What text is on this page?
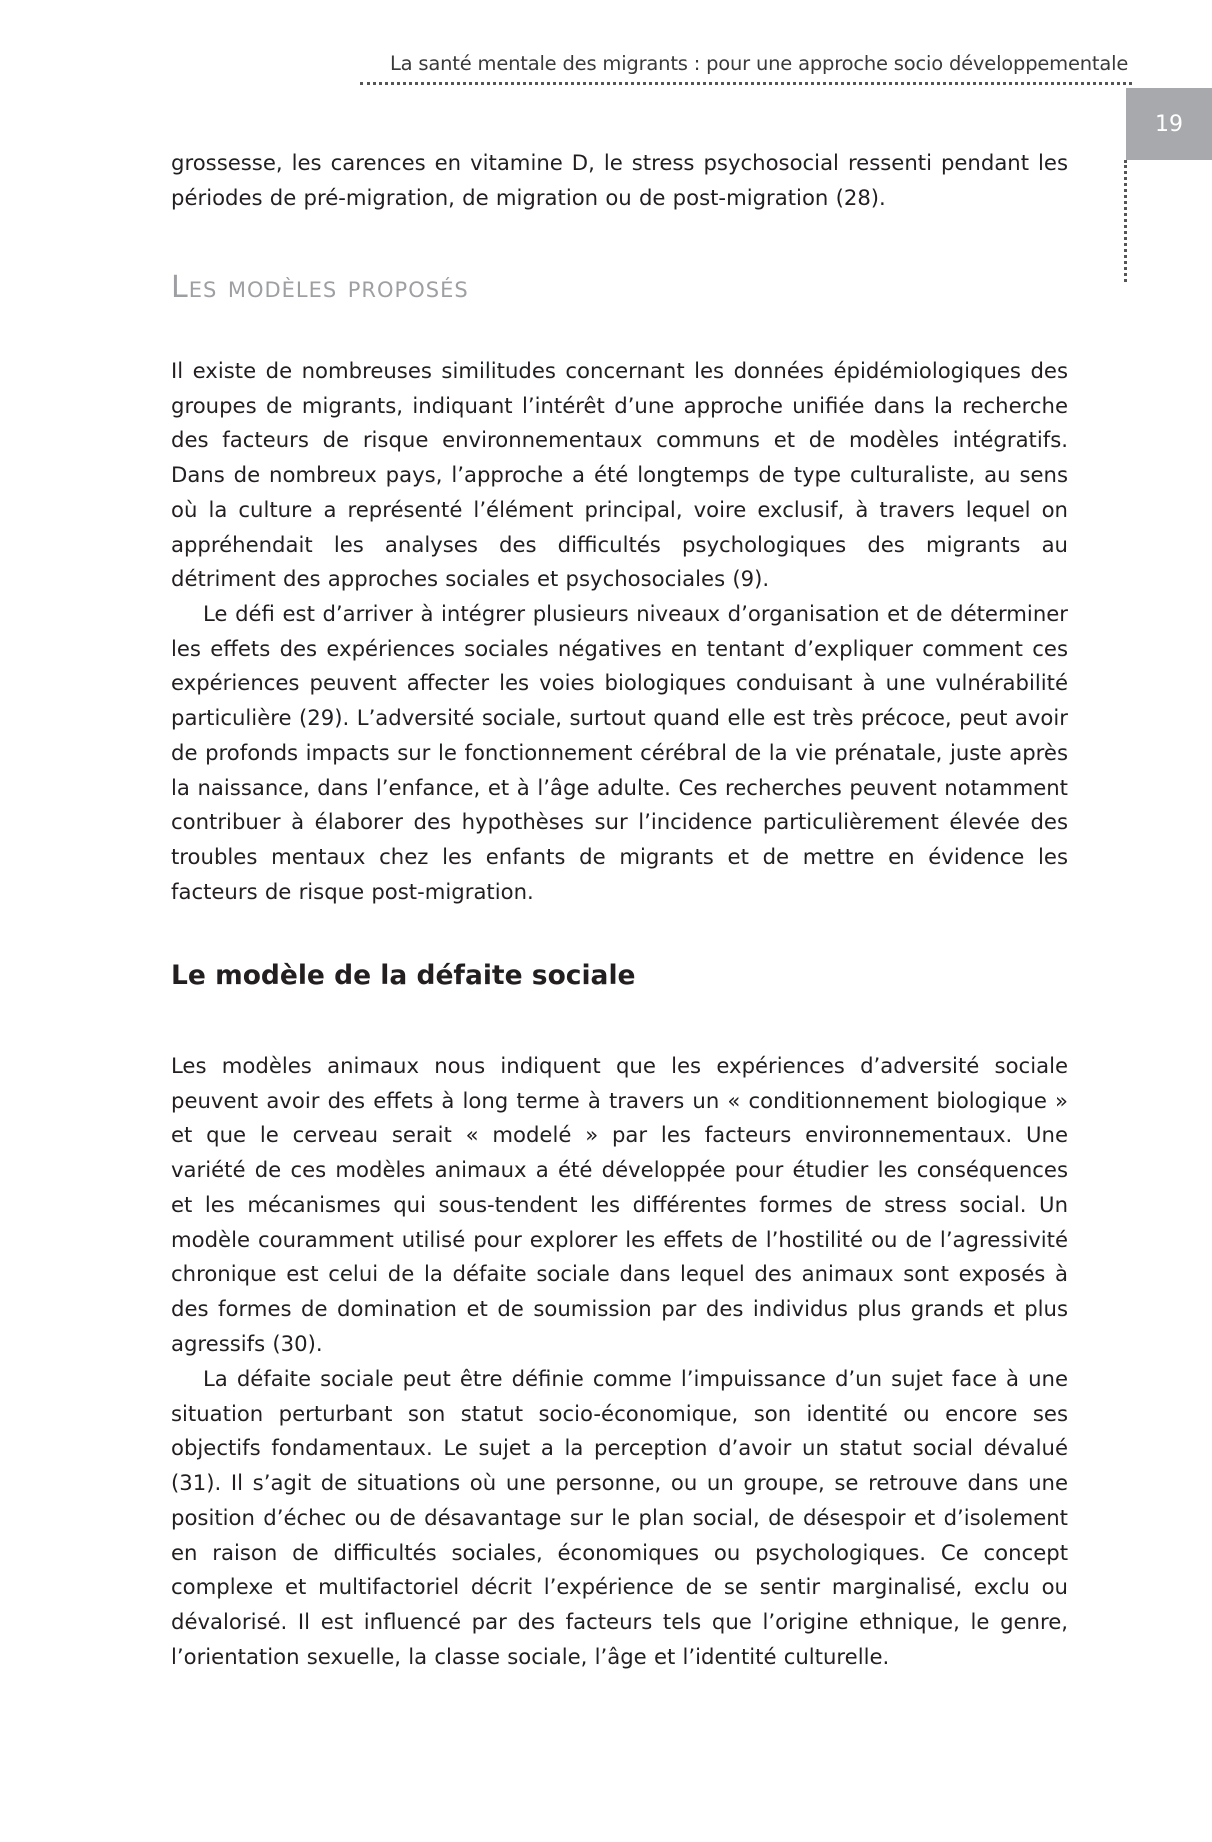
La santé mentale des migrants : pour une approche socio développementale
19

grossesse, les carences en vitamine D, le stress psychosocial ressenti pendant les périodes de pré-migration, de migration ou de post-migration (28).

Les modèles proposés

Il existe de nombreuses similitudes concernant les données épidémiologiques des groupes de migrants, indiquant l’intérêt d’une approche unifiée dans la recherche des facteurs de risque environnementaux communs et de modèles intégratifs. Dans de nombreux pays, l’approche a été longtemps de type culturaliste, au sens où la culture a représenté l’élément principal, voire exclusif, à travers lequel on appréhendait les analyses des difficultés psychologiques des migrants au détriment des approches sociales et psychosociales (9).

Le défi est d’arriver à intégrer plusieurs niveaux d’organisation et de déterminer les effets des expériences sociales négatives en tentant d’expliquer comment ces expériences peuvent affecter les voies biologiques conduisant à une vulnérabilité particulière (29). L’adversité sociale, surtout quand elle est très précoce, peut avoir de profonds impacts sur le fonctionnement cérébral de la vie prénatale, juste après la naissance, dans l’enfance, et à l’âge adulte. Ces recherches peuvent notamment contribuer à élaborer des hypothèses sur l’incidence particulièrement élevée des troubles mentaux chez les enfants de migrants et de mettre en évidence les facteurs de risque post-migration.

Le modèle de la défaite sociale

Les modèles animaux nous indiquent que les expériences d’adversité sociale peuvent avoir des effets à long terme à travers un « conditionnement biologique » et que le cerveau serait « modelé » par les facteurs environnementaux. Une variété de ces modèles animaux a été développée pour étudier les conséquences et les mécanismes qui sous-tendent les différentes formes de stress social. Un modèle couramment utilisé pour explorer les effets de l’hostilité ou de l’agressivité chronique est celui de la défaite sociale dans lequel des animaux sont exposés à des formes de domination et de soumission par des individus plus grands et plus agressifs (30).

La défaite sociale peut être définie comme l’impuissance d’un sujet face à une situation perturbant son statut socio-économique, son identité ou encore ses objectifs fondamentaux. Le sujet a la perception d’avoir un statut social dévalué (31). Il s’agit de situations où une personne, ou un groupe, se retrouve dans une position d’échec ou de désavantage sur le plan social, de désespoir et d’isolement en raison de difficultés sociales, économiques ou psychologiques. Ce concept complexe et multifactoriel décrit l’expérience de se sentir marginalisé, exclu ou dévalorisé. Il est influencé par des facteurs tels que l’origine ethnique, le genre, l’orientation sexuelle, la classe sociale, l’âge et l’identité culturelle.
